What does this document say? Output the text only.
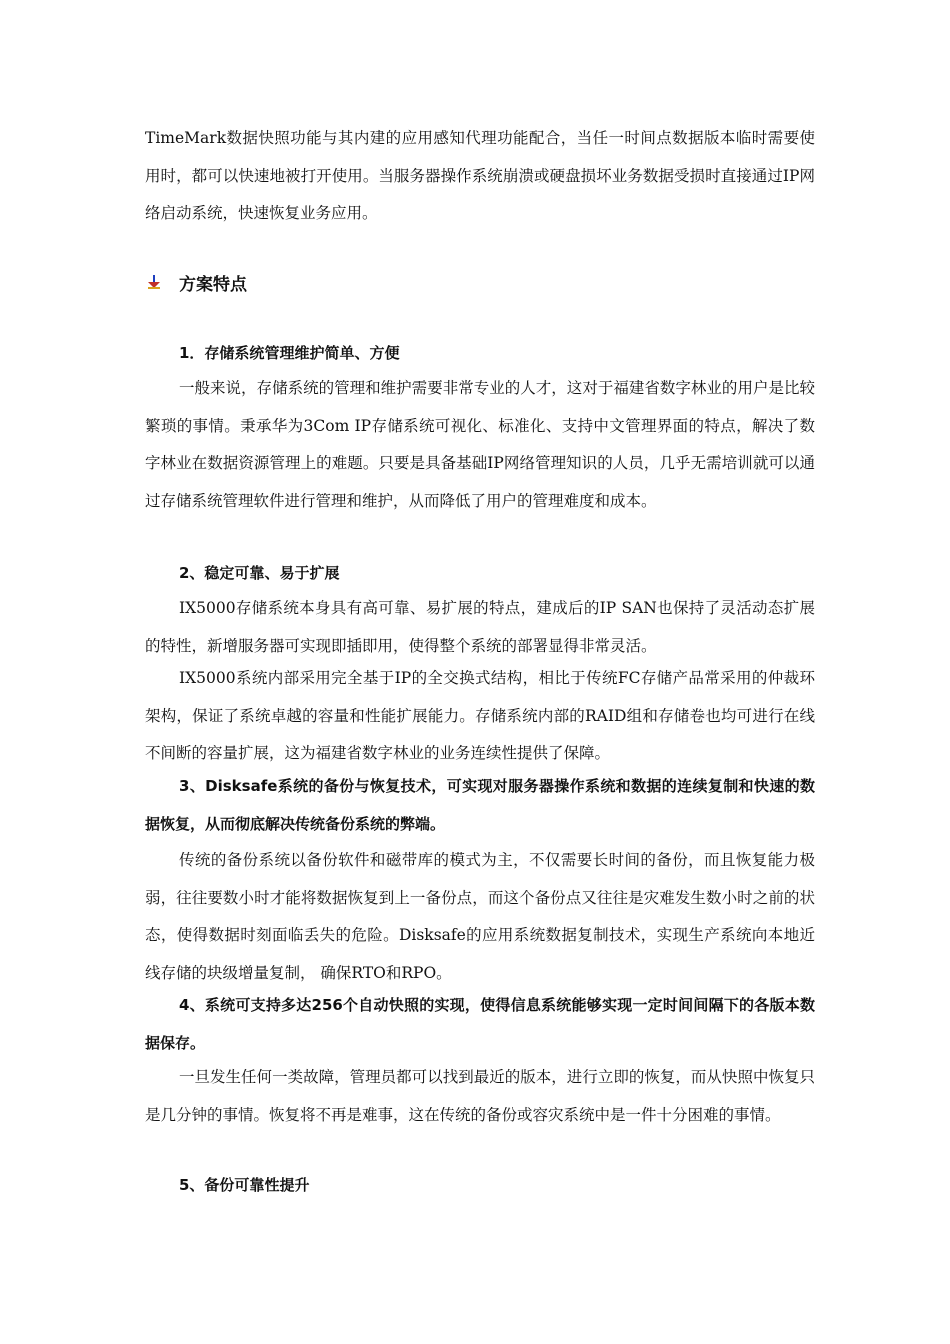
TimeMark数据快照功能与其内建的应用感知代理功能配合，当任一时间点数据版本临时需要使用时，都可以快速地被打开使用。当服务器操作系统崩溃或硬盘损坏业务数据受损时直接通过IP网络启动系统，快速恢复业务应用。

方案特点

1．存储系统管理维护简单、方便

一般来说，存储系统的管理和维护需要非常专业的人才，这对于福建省数字林业的用户是比较繁琐的事情。秉承华为3Com IP存储系统可视化、标准化、支持中文管理界面的特点，解决了数字林业在数据资源管理上的难题。只要是具备基础IP网络管理知识的人员，几乎无需培训就可以通过存储系统管理软件进行管理和维护，从而降低了用户的管理难度和成本。

2、稳定可靠、易于扩展

IX5000存储系统本身具有高可靠、易扩展的特点，建成后的IP SAN也保持了灵活动态扩展的特性，新增服务器可实现即插即用，使得整个系统的部署显得非常灵活。

IX5000系统内部采用完全基于IP的全交换式结构，相比于传统FC存储产品常采用的仲裁环架构，保证了系统卓越的容量和性能扩展能力。存储系统内部的RAID组和存储卷也均可进行在线不间断的容量扩展，这为福建省数字林业的业务连续性提供了保障。

3、Disksafe系统的备份与恢复技术，可实现对服务器操作系统和数据的连续复制和快速的数据恢复，从而彻底解决传统备份系统的弊端。

传统的备份系统以备份软件和磁带库的模式为主，不仅需要长时间的备份，而且恢复能力极弱，往往要数小时才能将数据恢复到上一备份点，而这个备份点又往往是灾难发生数小时之前的状态，使得数据时刻面临丢失的危险。Disksafe的应用系统数据复制技术，实现生产系统向本地近线存储的块级增量复制， 确保RTO和RPO。

4、系统可支持多达256个自动快照的实现，使得信息系统能够实现一定时间间隔下的各版本数据保存。

一旦发生任何一类故障，管理员都可以找到最近的版本，进行立即的恢复，而从快照中恢复只是几分钟的事情。恢复将不再是难事，这在传统的备份或容灾系统中是一件十分困难的事情。

5、备份可靠性提升
